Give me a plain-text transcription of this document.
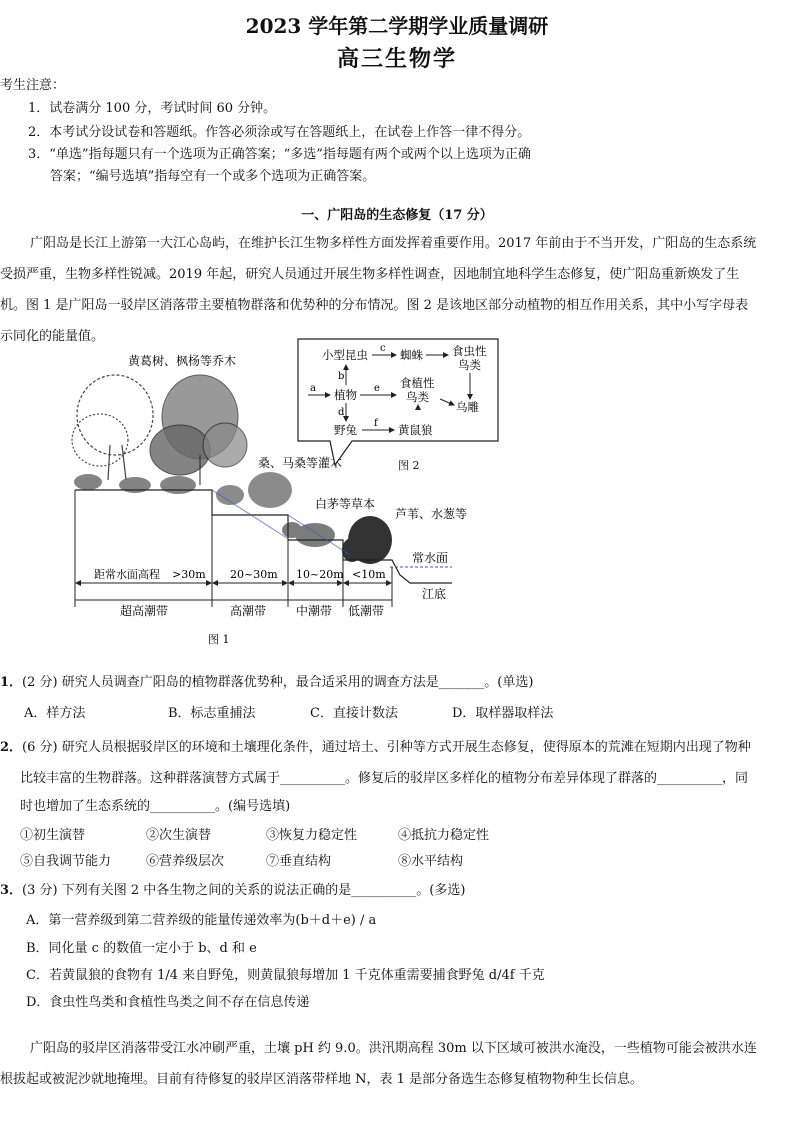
2023 学年第二学期学业质量调研
高三生物学
考生注意：
1．试卷满分 100 分，考试时间 60 分钟。
2．本考试分设试卷和答题纸。作答必须涂或写在答题纸上，在试卷上作答一律不得分。
3．“单选”指每题只有一个选项为正确答案；“多选”指每题有两个或两个以上选项为正确
答案；“编号选填”指每空有一个或多个选项为正确答案。
一、广阳岛的生态修复（17 分）
广阳岛是长江上游第一大江心岛屿，在维护长江生物多样性方面发挥着重要作用。2017 年前由于不当开发，广阳岛的生态系统
受损严重，生物多样性锐减。2019 年起，研究人员通过开展生物多样性调查，因地制宜地科学生态修复，使广阳岛重新焕发了生
机。图 1 是广阳岛一驳岸区消落带主要植物群落和优势种的分布情况。图 2 是该地区部分动植物的相互作用关系，其中小写字母表
示同化的能量值。
黄葛树、枫杨等乔木
桑、马桑等灌木
白茅等草本
芦苇、水葱等
常水面
江底
距常水面高程 >30m 20~30m 10~20m <10m
超高潮带	高潮带 中潮带 低潮带
图 1
小型昆虫	蜘蛛	食虫性
鸟类
植物
食植性
鸟类
乌雕
野兔	黄鼠狼
a
b
c
d
e
f
图 2
1．(2 分) 研究人员调查广阳岛的植物群落优势种，最合适采用的调查方法是_______。(单选)
A．样方法	B．标志重捕法	C．直接计数法	D．取样器取样法
2．(6 分) 研究人员根据驳岸区的环境和土壤理化条件，通过培土、引种等方式开展生态修复，使得原本的荒滩在短期内出现了物种
比较丰富的生物群落。这种群落演替方式属于__________。修复后的驳岸区多样化的植物分布差异体现了群落的__________，同
时也增加了生态系统的__________。(编号选填)
①初生演替	②次生演替	③恢复力稳定性	④抵抗力稳定性
⑤自我调节能力	⑥营养级层次	⑦垂直结构	⑧水平结构
3．(3 分) 下列有关图 2 中各生物之间的关系的说法正确的是__________。(多选)
A．第一营养级到第二营养级的能量传递效率为(b＋d＋e) / a
B．同化量 c 的数值一定小于 b、d 和 e
C．若黄鼠狼的食物有 1/4 来自野兔，则黄鼠狼每增加 1 千克体重需要捕食野兔 d/4f 千克
D．食虫性鸟类和食植性鸟类之间不存在信息传递
广阳岛的驳岸区消落带受江水冲刷严重，土壤 pH 约 9.0。洪汛期高程 30m 以下区域可被洪水淹没，一些植物可能会被洪水连
根拔起或被泥沙就地掩埋。目前有待修复的驳岸区消落带样地 N，表 1 是部分备选生态修复植物物种生长信息。
